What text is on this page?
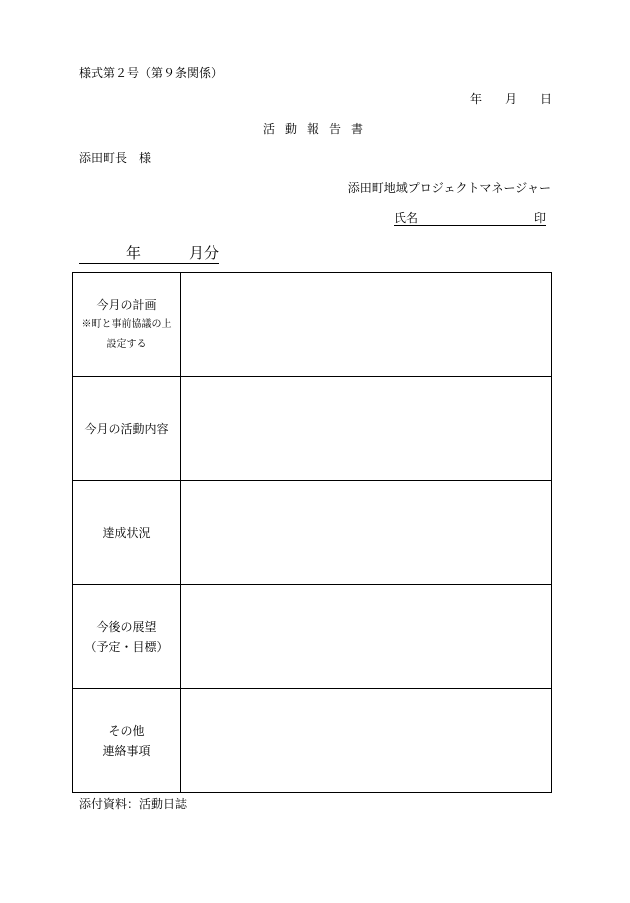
様式第２号（第９条関係）
年 月 日
活動報告書
添田町長　様
添田町地域プロジェクトマネージャー
氏名	印
年	月分
今月の計画
※町と事前協議の上
設定する	

今月の活動内容	

達成状況	

今後の展望
（予定・目標）	

その他
連絡事項	

添付資料：活動日誌
